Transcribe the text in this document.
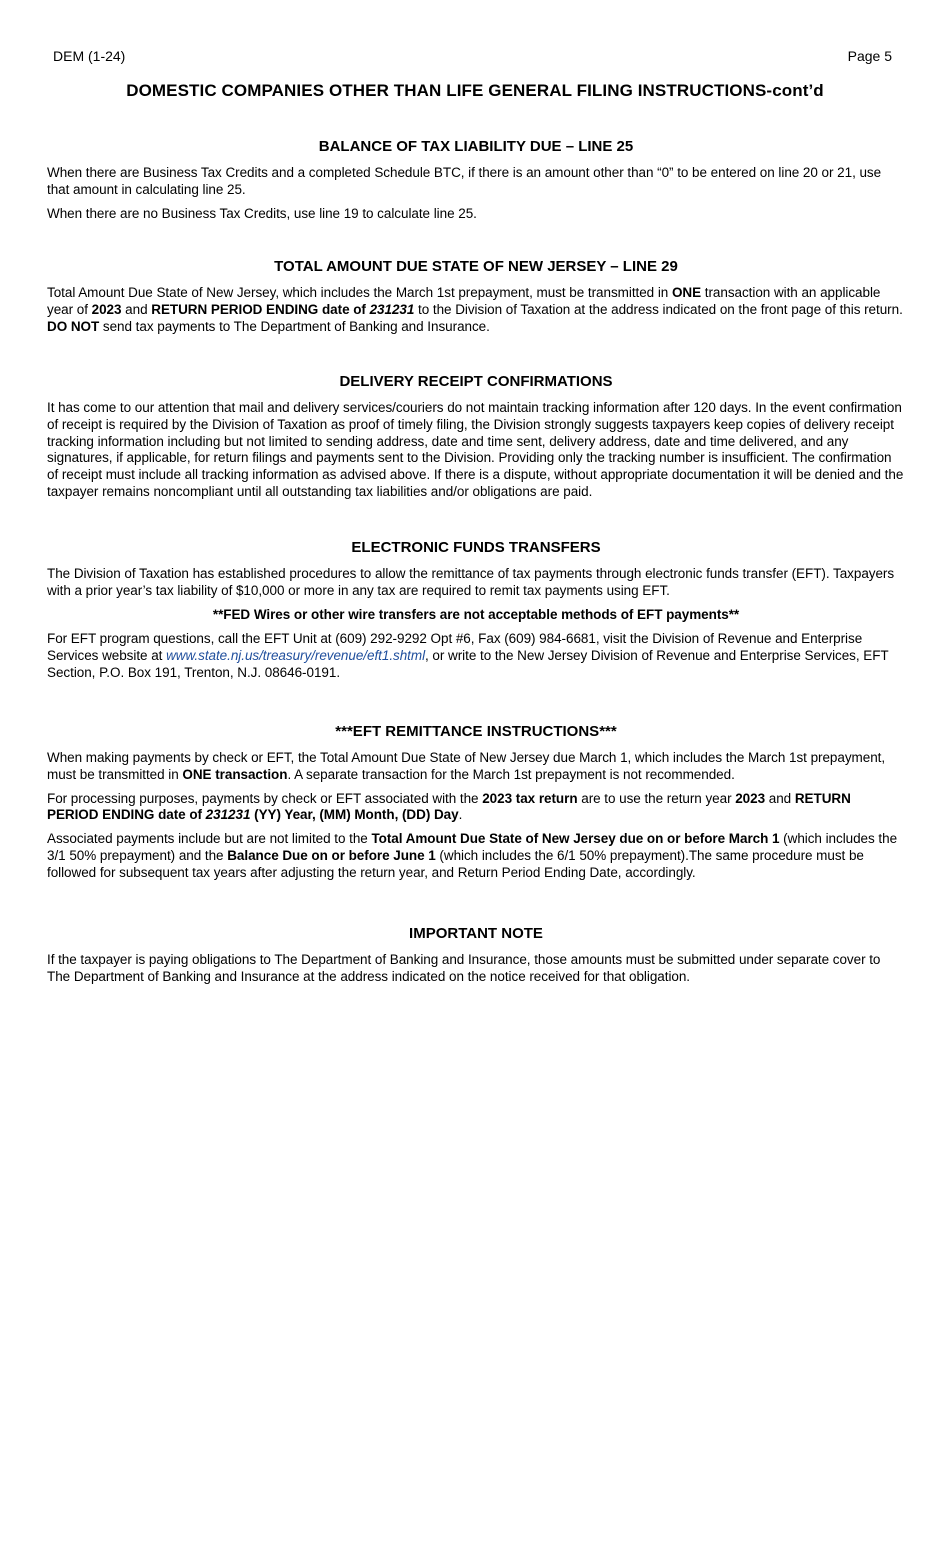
DEM (1-24)	Page 5
DOMESTIC COMPANIES OTHER THAN LIFE GENERAL FILING INSTRUCTIONS-cont’d
BALANCE OF TAX LIABILITY DUE – LINE 25

When there are Business Tax Credits and a completed Schedule BTC, if there is an amount other than “0” to be entered on line 20 or 21, use that amount in calculating line 25.

When there are no Business Tax Credits, use line 19 to calculate line 25.

TOTAL AMOUNT DUE STATE OF NEW JERSEY – LINE 29

Total Amount Due State of New Jersey, which includes the March 1st prepayment, must be transmitted in ONE transaction with an applicable year of 2023 and RETURN PERIOD ENDING date of 231231 to the Division of Taxation at the address indicated on the front page of this return. DO NOT send tax payments to The Department of Banking and Insurance.

DELIVERY RECEIPT CONFIRMATIONS

It has come to our attention that mail and delivery services/couriers do not maintain tracking information after 120 days. In the event confirmation of receipt is required by the Division of Taxation as proof of timely filing, the Division strongly suggests taxpayers keep copies of delivery receipt tracking information including but not limited to sending address, date and time sent, delivery address, date and time delivered, and any signatures, if applicable, for return filings and payments sent to the Division. Providing only the tracking number is insufficient. The confirmation of receipt must include all tracking information as advised above. If there is a dispute, without appropriate documentation it will be denied and the taxpayer remains noncompliant until all outstanding tax liabilities and/or obligations are paid.

ELECTRONIC FUNDS TRANSFERS

The Division of Taxation has established procedures to allow the remittance of tax payments through electronic funds transfer (EFT). Taxpayers with a prior year’s tax liability of $10,000 or more in any tax are required to remit tax payments using EFT.

**FED Wires or other wire transfers are not acceptable methods of EFT payments**

For EFT program questions, call the EFT Unit at (609) 292-9292 Opt #6, Fax (609) 984-6681, visit the Division of Revenue and Enterprise Services website at www.state.nj.us/treasury/revenue/eft1.shtml, or write to the New Jersey Division of Revenue and Enterprise Services, EFT Section, P.O. Box 191, Trenton, N.J. 08646-0191.

***EFT REMITTANCE INSTRUCTIONS***

When making payments by check or EFT, the Total Amount Due State of New Jersey due March 1, which includes the March 1st prepayment, must be transmitted in ONE transaction. A separate transaction for the March 1st prepayment is not recommended.

For processing purposes, payments by check or EFT associated with the 2023 tax return are to use the return year 2023 and RETURN PERIOD ENDING date of 231231 (YY) Year, (MM) Month, (DD) Day.

Associated payments include but are not limited to the Total Amount Due State of New Jersey due on or before March 1 (which includes the 3/1 50% prepayment) and the Balance Due on or before June 1 (which includes the 6/1 50% prepayment).The same procedure must be followed for subsequent tax years after adjusting the return year, and Return Period Ending Date, accordingly.

IMPORTANT NOTE

If the taxpayer is paying obligations to The Department of Banking and Insurance, those amounts must be submitted under separate cover to The Department of Banking and Insurance at the address indicated on the notice received for that obligation.
